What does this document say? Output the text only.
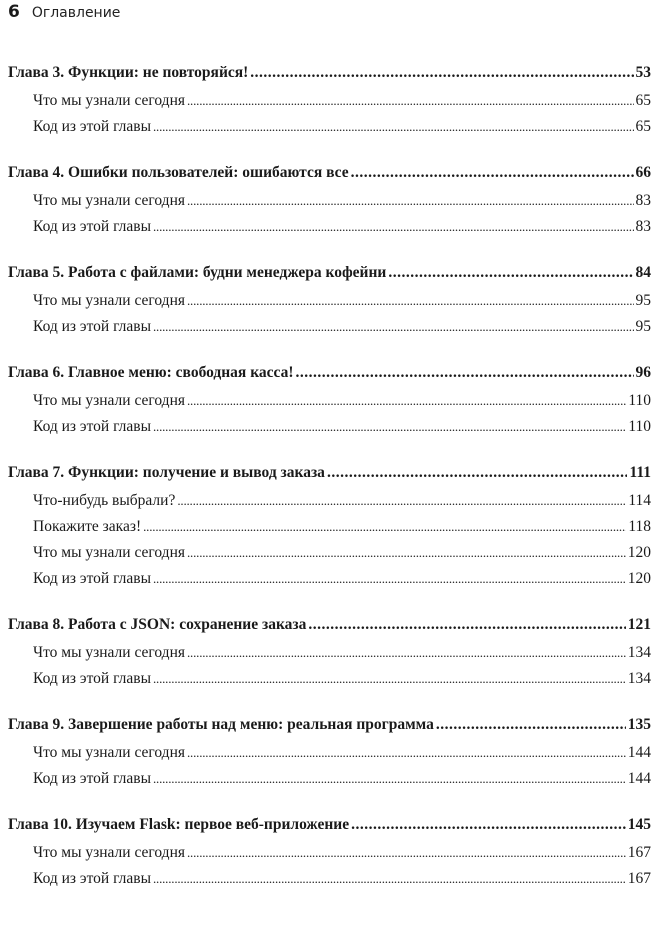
6 Оглавление
Глава 3. Функции: не повторяйся! .....	53
Что мы узнали сегодня .....	65
Код из этой главы .....	65
Глава 4. Ошибки пользователей: ошибаются все .....	66
Что мы узнали сегодня .....	83
Код из этой главы .....	83
Глава 5. Работа с файлами: будни менеджера кофейни .....	84
Что мы узнали сегодня .....	95
Код из этой главы .....	95
Глава 6. Главное меню: свободная касса! .....	96
Что мы узнали сегодня .....	110
Код из этой главы .....	110
Глава 7. Функции: получение и вывод заказа .....	111
Что-нибудь выбрали? .....	114
Покажите заказ! .....	118
Что мы узнали сегодня .....	120
Код из этой главы .....	120
Глава 8. Работа с JSON: сохранение заказа .....	121
Что мы узнали сегодня .....	134
Код из этой главы .....	134
Глава 9. Завершение работы над меню: реальная программа .....	135
Что мы узнали сегодня .....	144
Код из этой главы .....	144
Глава 10. Изучаем Flask: первое веб-приложение .....	145
Что мы узнали сегодня .....	167
Код из этой главы .....	167
